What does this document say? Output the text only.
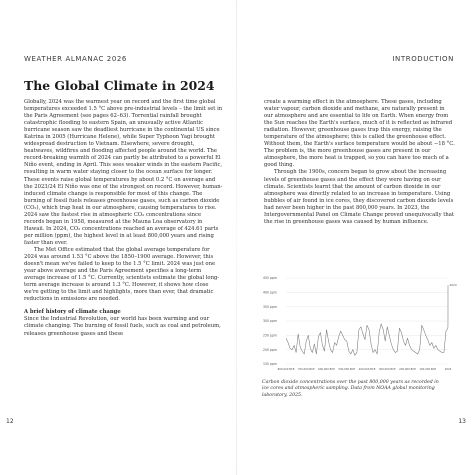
WEATHER ALMANAC 2026
The Global Climate in 2024

Globally, 2024 was the warmest year on record and the first time global temperatures exceeded 1.5 °C above pre-industrial levels – the limit set in the Paris Agreement (see pages 62–63). Torrential rainfall brought catastrophic flooding to eastern Spain, an unusually active Atlantic hurricane season saw the deadliest hurricane in the continental US since Katrina in 2005 (Hurricane Helene), while Super Typhoon Yagi brought widespread destruction to Vietnam. Elsewhere, severe drought, heatwaves, wildfires and flooding affected people around the world. The record-breaking warmth of 2024 can partly be attributed to a powerful El Niño event, ending in April. This sees weaker winds in the eastern Pacific, resulting in warm water staying closer to the ocean surface for longer. These events raise global temperatures by about 0.2 °C on average and the 2023/24 El Niño was one of the strongest on record. However, human-induced climate change is responsible for most of this change. The burning of fossil fuels releases greenhouse gases, such as carbon dioxide (CO₂), which trap heat in our atmosphere, causing temperatures to rise. 2024 saw the fastest rise in atmospheric CO₂ concentrations since records began in 1958, measured at the Mauna Loa observatory in Hawaii. In 2024, CO₂ concentrations reached an average of 424.61 parts per million (ppm), the highest level in at least 800,000 years and rising faster than ever.

The Met Office estimated that the global average temperature for 2024 was around 1.53 °C above the 1850–1900 average. However, this doesn't mean we've failed to keep to the 1.5 °C limit. 2024 was just one year above average and the Paris Agreement specifies a long-term average increase of 1.5 °C. Currently, scientists estimate the global long-term average increase is around 1.3 °C. However, it shows how close we're getting to the limit and highlights, more than ever, that dramatic reductions in emissions are needed.

A brief history of climate change

Since the Industrial Revolution, our world has been warming and our climate changing. The burning of fossil fuels, such as coal and petroleum, releases greenhouse gases and these

12
INTRODUCTION
13

create a warming effect in the atmosphere. These gases, including water vapour, carbon dioxide and methane, are naturally present in our atmosphere and are essential to life on Earth. When energy from the Sun reaches the Earth's surface, much of it is reflected as infrared radiation. However, greenhouse gases trap this energy, raising the temperature of the atmosphere; this is called the greenhouse effect. Without them, the Earth's surface temperature would be about −18 °C. The problem is, the more greenhouse gases are present in our atmosphere, the more heat is trapped, so you can have too much of a good thing.

Through the 1900s, concern began to grow about the increasing levels of greenhouse gases and the effect they were having on our climate. Scientists learnt that the amount of carbon dioxide in our atmosphere was directly related to an increase in temperature. Using bubbles of air found in ice cores, they discovered carbon dioxide levels had never been higher in the past 800,000 years. In 2023, the Intergovernmental Panel on Climate Change proved unequivocally that the rise in greenhouse gases was caused by human influence.

450 ppm
400 ppm
350 ppm
300 ppm
250 ppm
200 ppm
150 ppm
800,000 BCE 700,000 BCE 600,000 BCE 500,000 BCE 400,000 BCE 300,000 BCE 200,000 BCE 100,000 BCE	2024
2024
Carbon dioxide concentrations over the past 800,000 years as recorded in ice cores and atmospheric sampling. Data from NOAA global monitoring laboratory, 2025.
